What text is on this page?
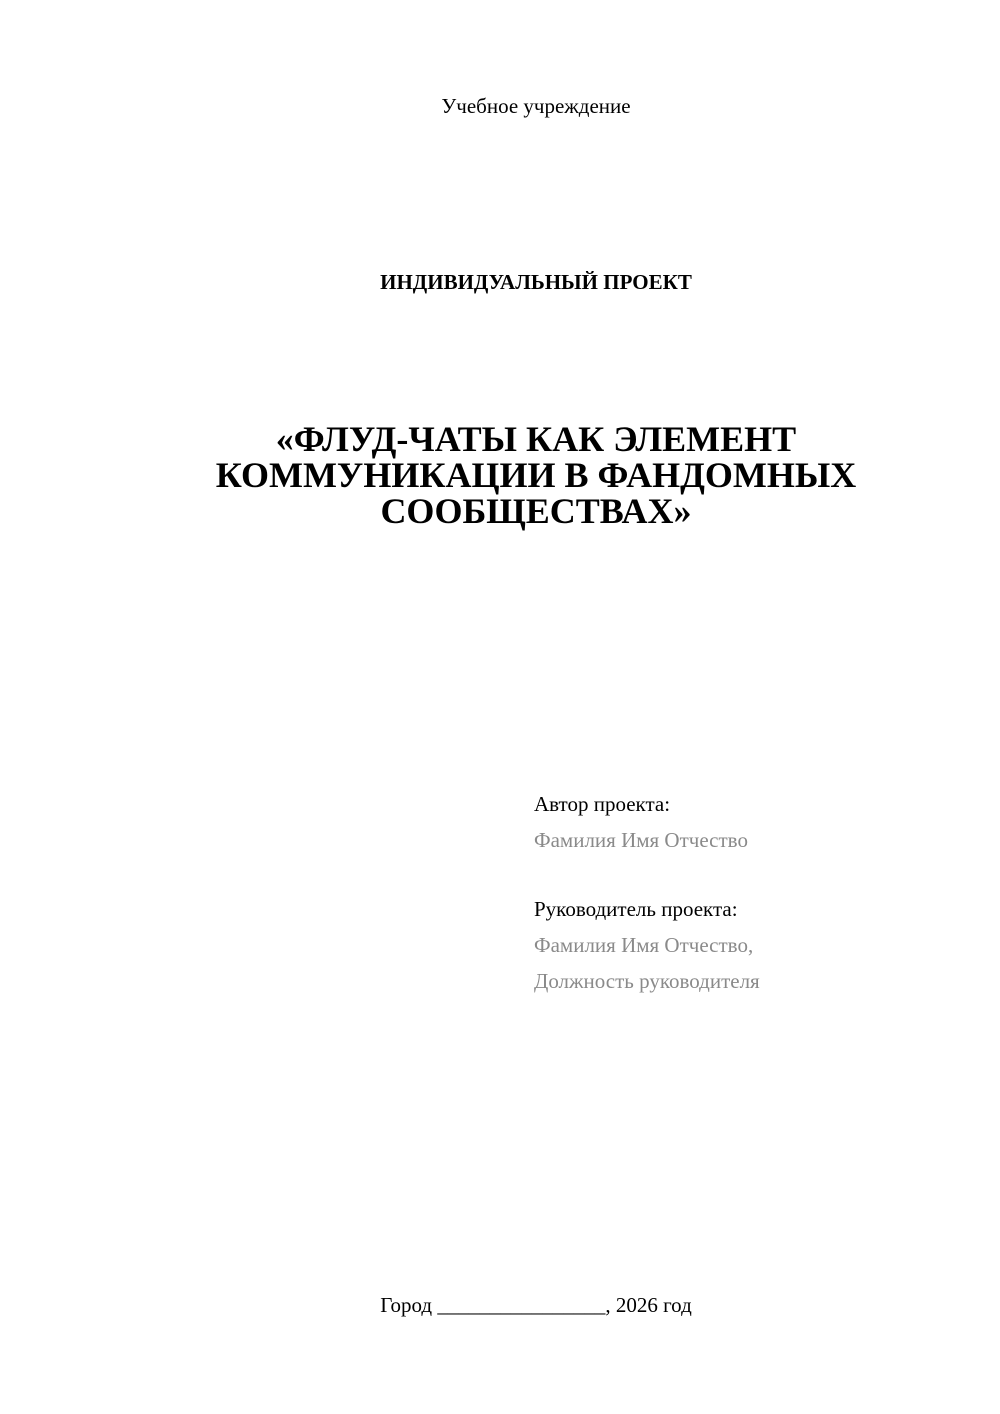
Учебное учреждение
ИНДИВИДУАЛЬНЫЙ ПРОЕКТ
«ФЛУД-ЧАТЫ КАК ЭЛЕМЕНТ
КОММУНИКАЦИИ В ФАНДОМНЫХ
СООБЩЕСТВАХ»
Автор проекта:
Фамилия Имя Отчество
Руководитель проекта:
Фамилия Имя Отчество,
Должность руководителя
Город ________________, 2026 год
